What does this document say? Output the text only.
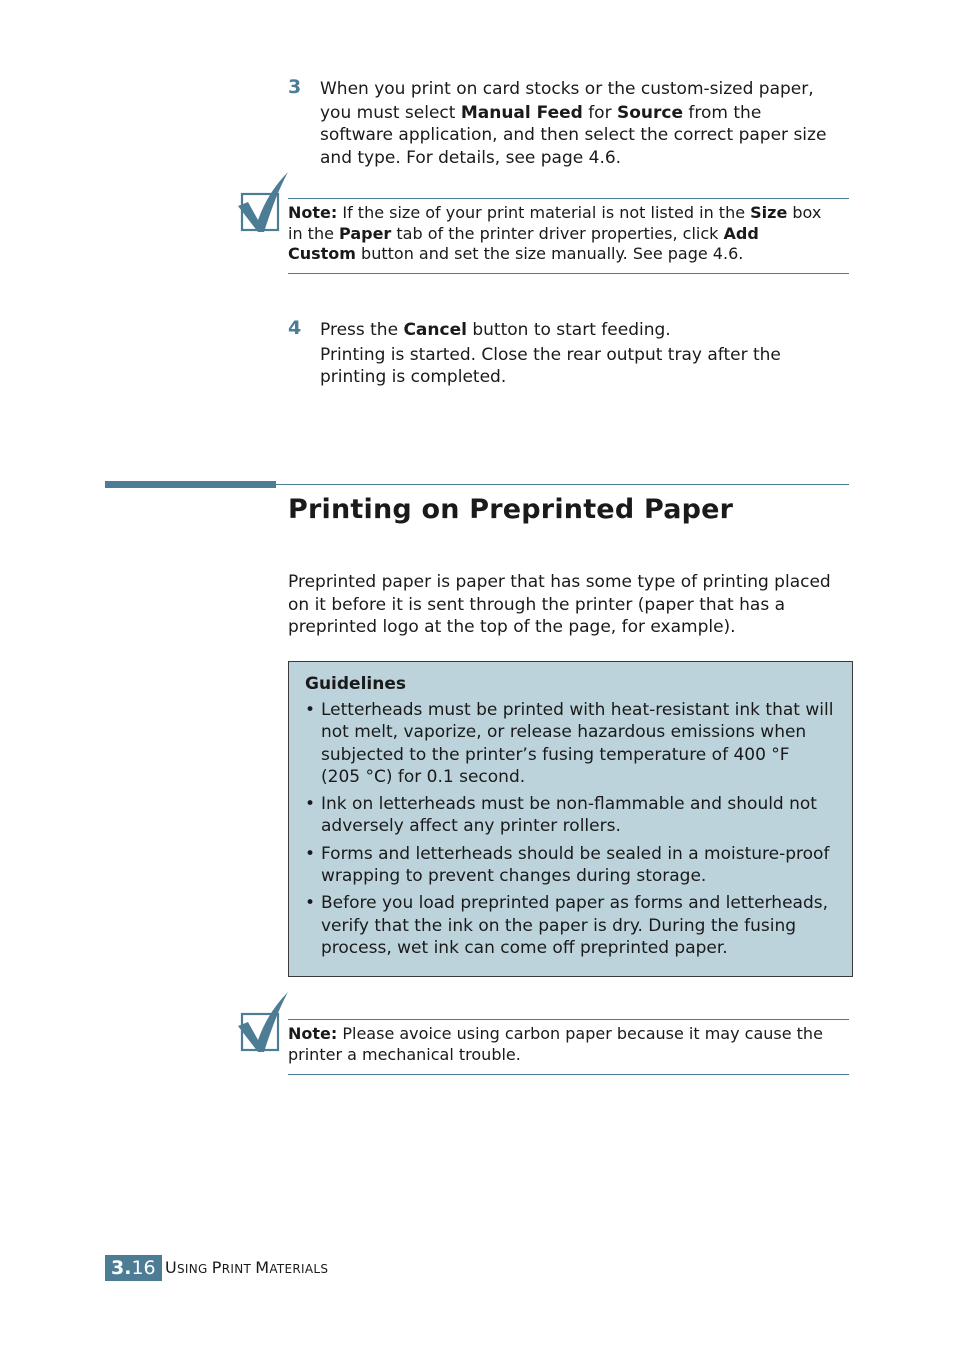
3 When you print on card stocks or the custom-sized paper,
you must select Manual Feed for Source from the
software application, and then select the correct paper size
and type. For details, see page 4.6.
Note: If the size of your print material is not listed in the Size box
in the Paper tab of the printer driver properties, click Add
Custom button and set the size manually. See page 4.6.
4 Press the Cancel button to start feeding.
Printing is started. Close the rear output tray after the
printing is completed.
Printing on Preprinted Paper
Preprinted paper is paper that has some type of printing placed
on it before it is sent through the printer (paper that has a
preprinted logo at the top of the page, for example).
Guidelines
• Letterheads must be printed with heat-resistant ink that will
not melt, vaporize, or release hazardous emissions when
subjected to the printer’s fusing temperature of 400 °F
(205 °C) for 0.1 second.
• Ink on letterheads must be non-flammable and should not
adversely affect any printer rollers.
• Forms and letterheads should be sealed in a moisture-proof
wrapping to prevent changes during storage.
• Before you load preprinted paper as forms and letterheads,
verify that the ink on the paper is dry. During the fusing
process, wet ink can come off preprinted paper.
Note: Please avoice using carbon paper because it may cause the
printer a mechanical trouble.
3.16 USING PRINT MATERIALS
